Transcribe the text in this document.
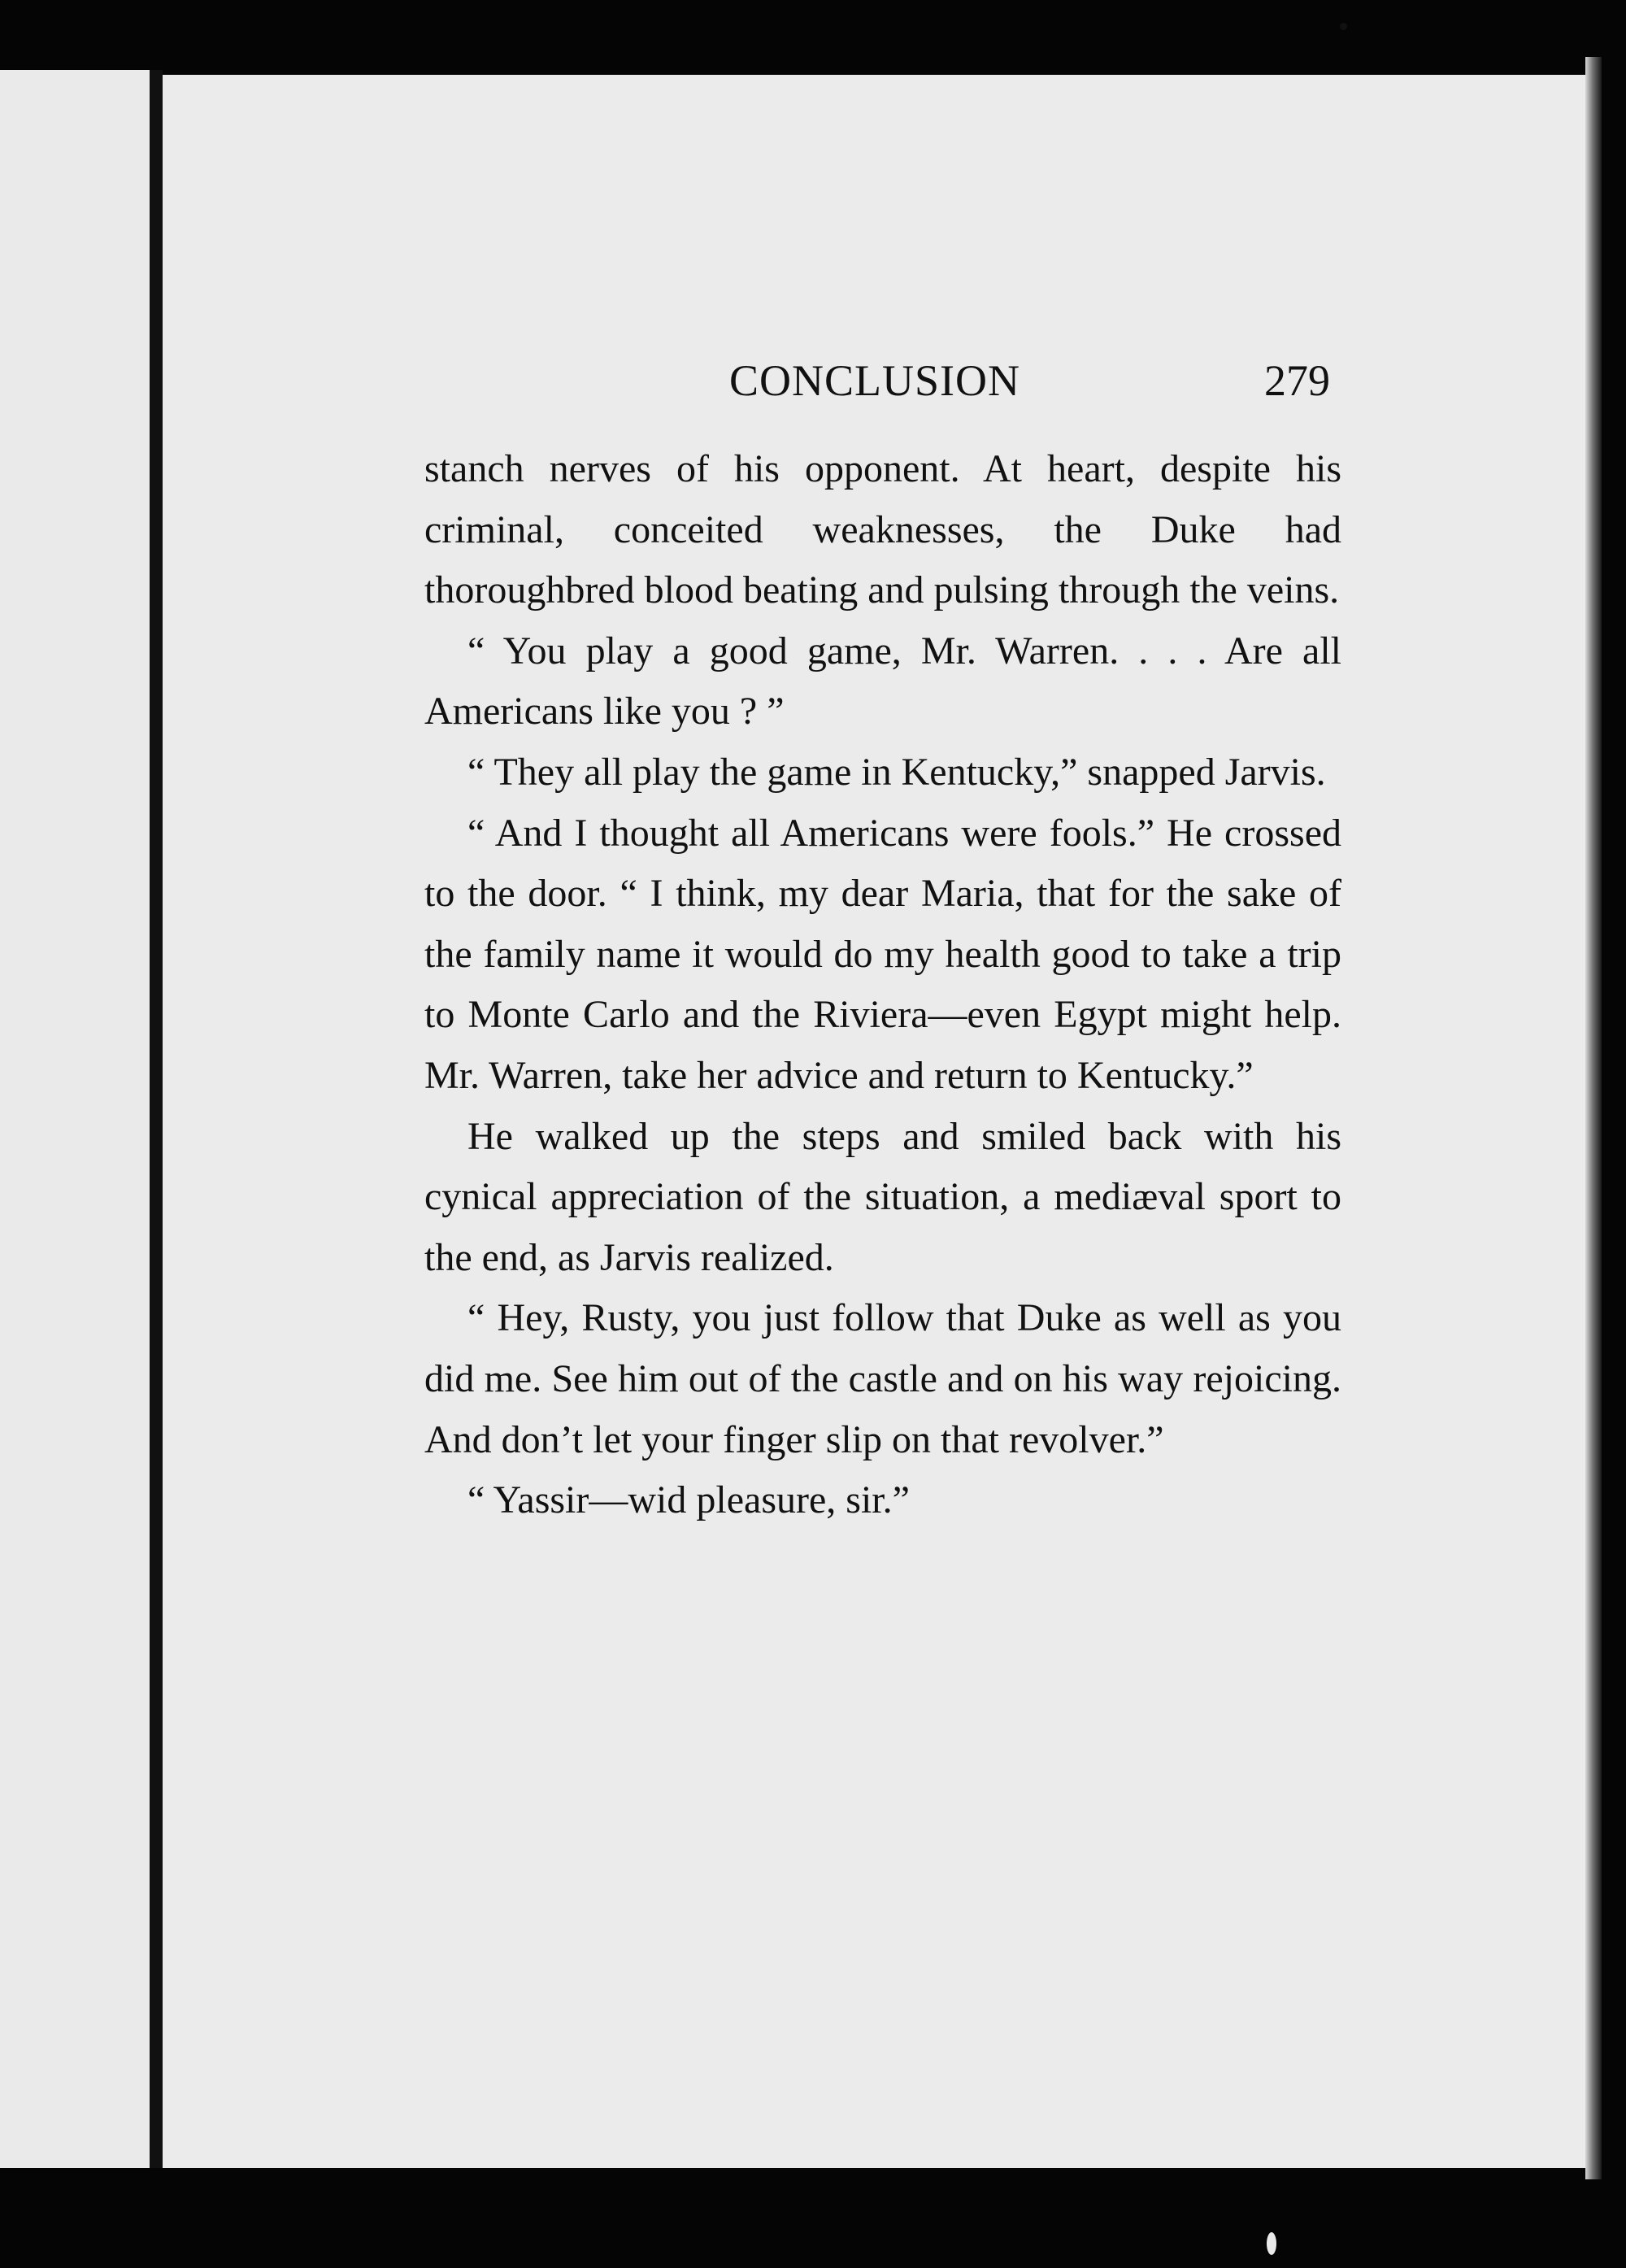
CONCLUSION	279

stanch nerves of his opponent. At heart, despite his criminal, conceited weaknesses, the Duke had thoroughbred blood beating and pulsing through the veins.

“ You play a good game, Mr. Warren. . . . Are all Americans like you ? ”

“ They all play the game in Kentucky,” snapped Jarvis.

“ And I thought all Americans were fools.” He crossed to the door. “ I think, my dear Maria, that for the sake of the family name it would do my health good to take a trip to Monte Carlo and the Riviera—even Egypt might help. Mr. Warren, take her advice and return to Kentucky.”

He walked up the steps and smiled back with his cynical appreciation of the situation, a mediæval sport to the end, as Jarvis realized.

“ Hey, Rusty, you just follow that Duke as well as you did me. See him out of the castle and on his way rejoicing. And don’t let your finger slip on that revolver.”

“ Yassir—wid pleasure, sir.”
